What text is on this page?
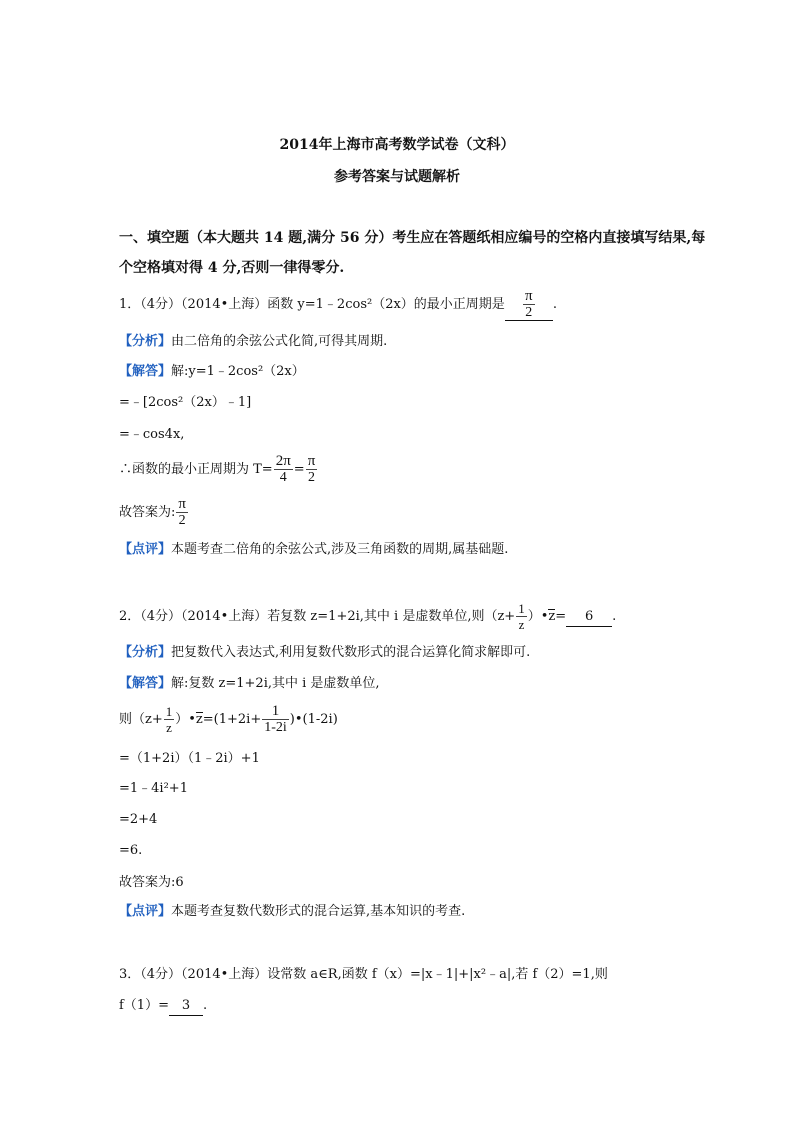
2014年上海市高考数学试卷（文科）
参考答案与试题解析
一、填空题（本大题共 14 题,满分 56 分）考生应在答题纸相应编号的空格内直接填写结果,每
个空格填对得 4 分,否则一律得零分.
1．（4分）（2014•上海）函数 y=1﹣2cos²（2x）的最小正周期是 $\frac{\pi}{2}$ .
【分析】由二倍角的余弦公式化简,可得其周期.
【解答】解:y=1﹣2cos²（2x）
=﹣[2cos²（2x）﹣1]
=﹣cos4x,
∴函数的最小正周期为 $T= \frac{2\pi}{4} = \frac{\pi}{2}$
故答案为: $\frac{\pi}{2}$
【点评】本题考查二倍角的余弦公式,涉及三角函数的周期,属基础题.
2．（4分）（2014•上海）若复数 z=1+2i,其中 i 是虚数单位,则（$z+ \frac{1}{z}$ ）•z= 6 .
【分析】把复数代入表达式,利用复数代数形式的混合运算化简求解即可.
【解答】解:复数 z=1+2i,其中 i 是虚数单位,
则（$z+ \frac{1}{z}$ ）•z=(1+2i+ $\frac{1}{1-2i}$ )•(1-2i)
=（1+2i）（1﹣2i）+1
=1﹣4i²+1
=2+4
=6.
故答案为:6
【点评】本题考查复数代数形式的混合运算,基本知识的考查.
3．（4分）（2014•上海）设常数 a∈R,函数 f（x）=|x﹣1|+|x²﹣a|,若 f（2）=1,则
f（1）= 3 .
